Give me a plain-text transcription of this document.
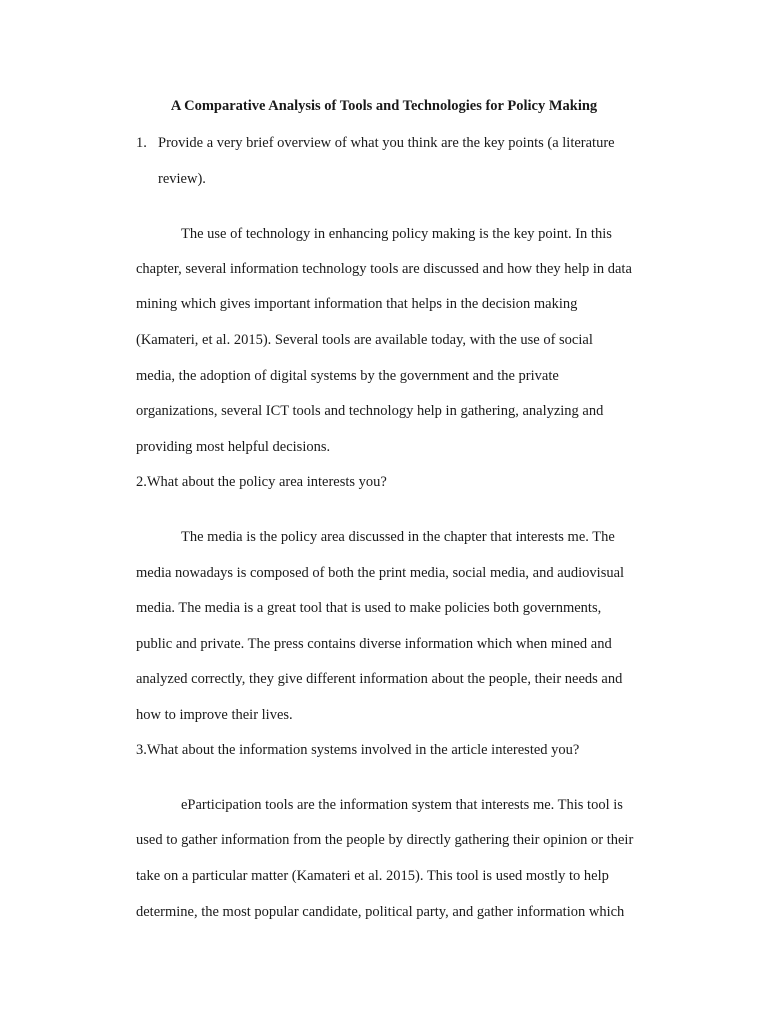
A Comparative Analysis of Tools and Technologies for Policy Making
1. Provide a very brief overview of what you think are the key points (a literature
review).
The use of technology in enhancing policy making is the key point. In this
chapter, several information technology tools are discussed and how they help in data
mining which gives important information that helps in the decision making
(Kamateri, et al. 2015). Several tools are available today, with the use of social
media, the adoption of digital systems by the government and the private
organizations, several ICT tools and technology help in gathering, analyzing and
providing most helpful decisions.
2.What about the policy area interests you?
The media is the policy area discussed in the chapter that interests me. The
media nowadays is composed of both the print media, social media, and audiovisual
media. The media is a great tool that is used to make policies both governments,
public and private. The press contains diverse information which when mined and
analyzed correctly, they give different information about the people, their needs and
how to improve their lives.
3.What about the information systems involved in the article interested you?
eParticipation tools are the information system that interests me. This tool is
used to gather information from the people by directly gathering their opinion or their
take on a particular matter (Kamateri et al. 2015). This tool is used mostly to help
determine, the most popular candidate, political party, and gather information which
